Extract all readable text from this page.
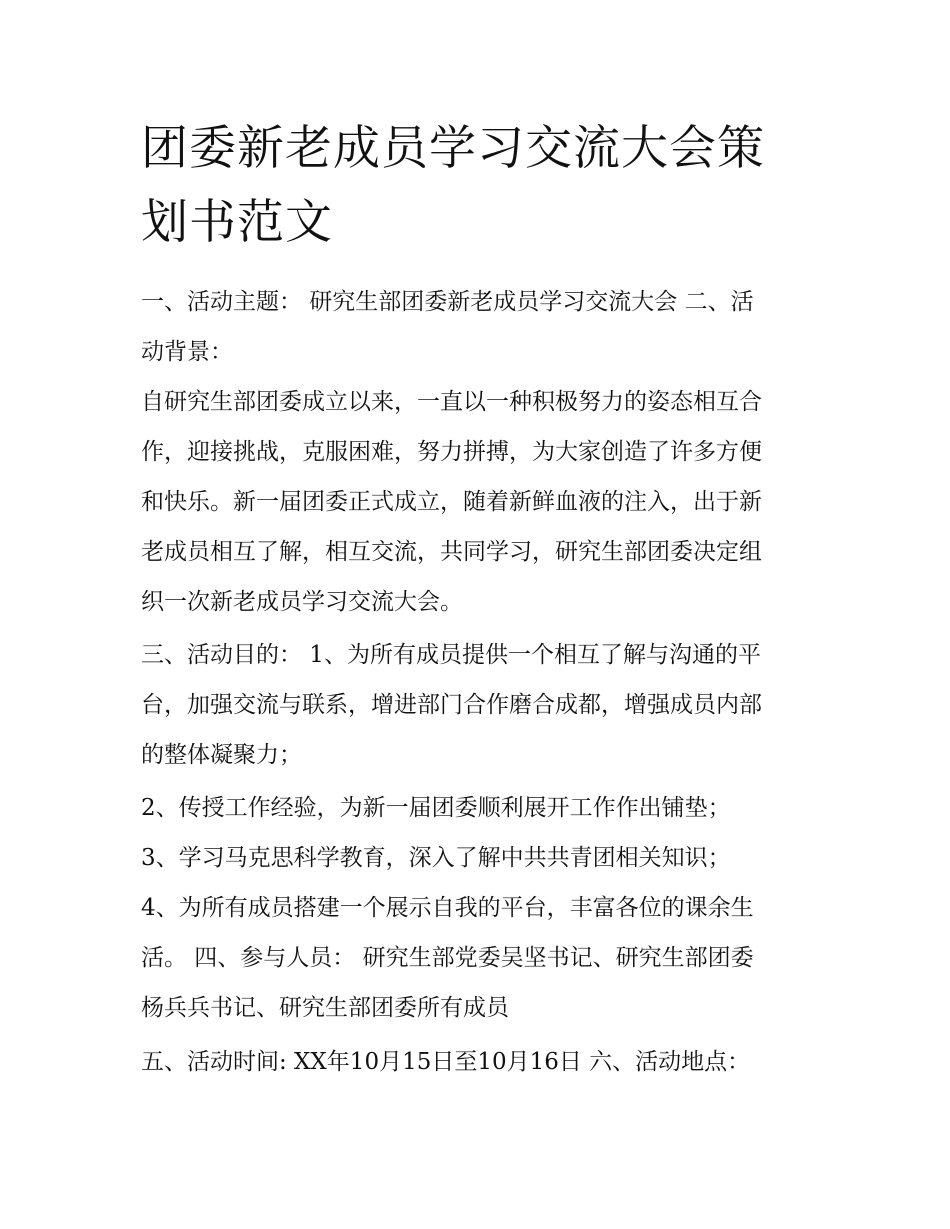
团委新老成员学习交流大会策
划书范文

一、活动主题： 研究生部团委新老成员学习交流大会 二、活

动背景：

自研究生部团委成立以来，一直以一种积极努力的姿态相互合

作，迎接挑战，克服困难，努力拼搏，为大家创造了许多方便

和快乐。新一届团委正式成立，随着新鲜血液的注入，出于新

老成员相互了解，相互交流，共同学习，研究生部团委决定组

织一次新老成员学习交流大会。

三、活动目的： 1、为所有成员提供一个相互了解与沟通的平

台，加强交流与联系，增进部门合作磨合成都，增强成员内部

的整体凝聚力；

2、传授工作经验，为新一届团委顺利展开工作作出铺垫；

3、学习马克思科学教育，深入了解中共共青团相关知识；

4、为所有成员搭建一个展示自我的平台，丰富各位的课余生

活。 四、参与人员： 研究生部党委吴坚书记、研究生部团委

杨兵兵书记、研究生部团委所有成员

五、活动时间: XX年10月15日至10月16日 六、活动地点：
